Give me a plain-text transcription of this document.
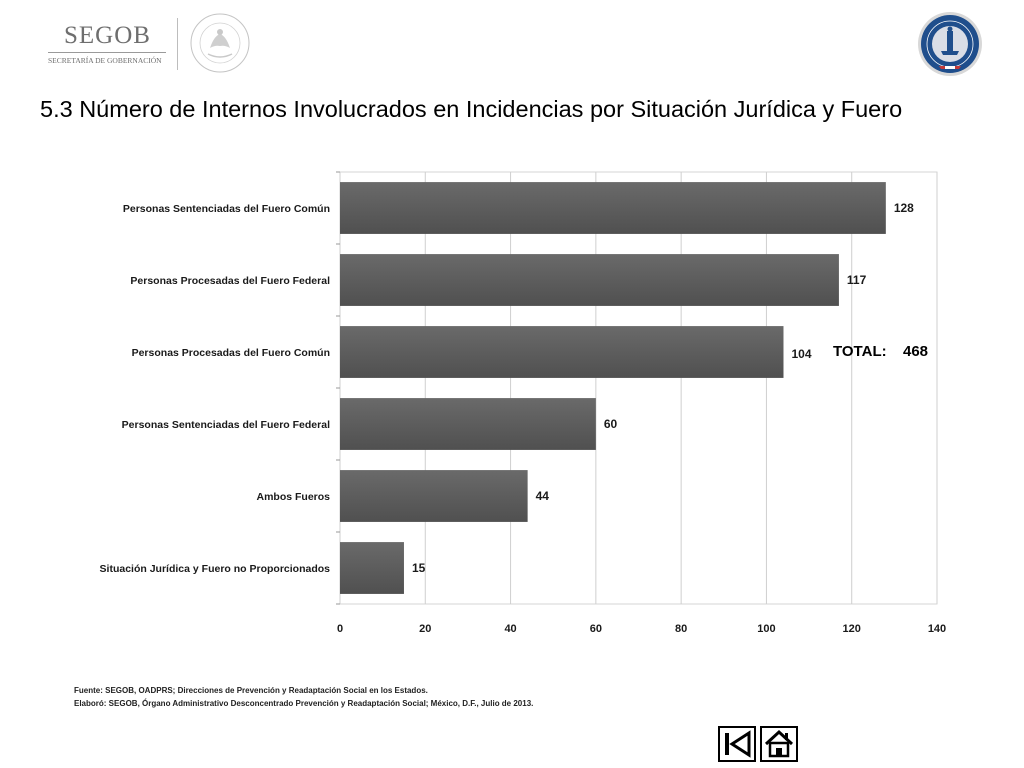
SEGOB
SECRETARÍA DE GOBERNACIÓN
5.3 Número de Internos Involucrados en Incidencias por Situación Jurídica y Fuero
0	20	40	60	80	100	120	140
Personas Sentenciadas del Fuero Común
Personas Procesadas del Fuero Federal
Personas Procesadas del Fuero Común
Personas Sentenciadas del Fuero Federal
Ambos Fueros
Situación Jurídica y Fuero no Proporcionados
128
117
104
60
44
15
TOTAL: 468
Fuente: SEGOB, OADPRS; Direcciones de Prevención y Readaptación Social en los Estados.
Elaboró: SEGOB, Órgano Administrativo Desconcentrado Prevención y Readaptación Social; México, D.F., Julio de 2013.
